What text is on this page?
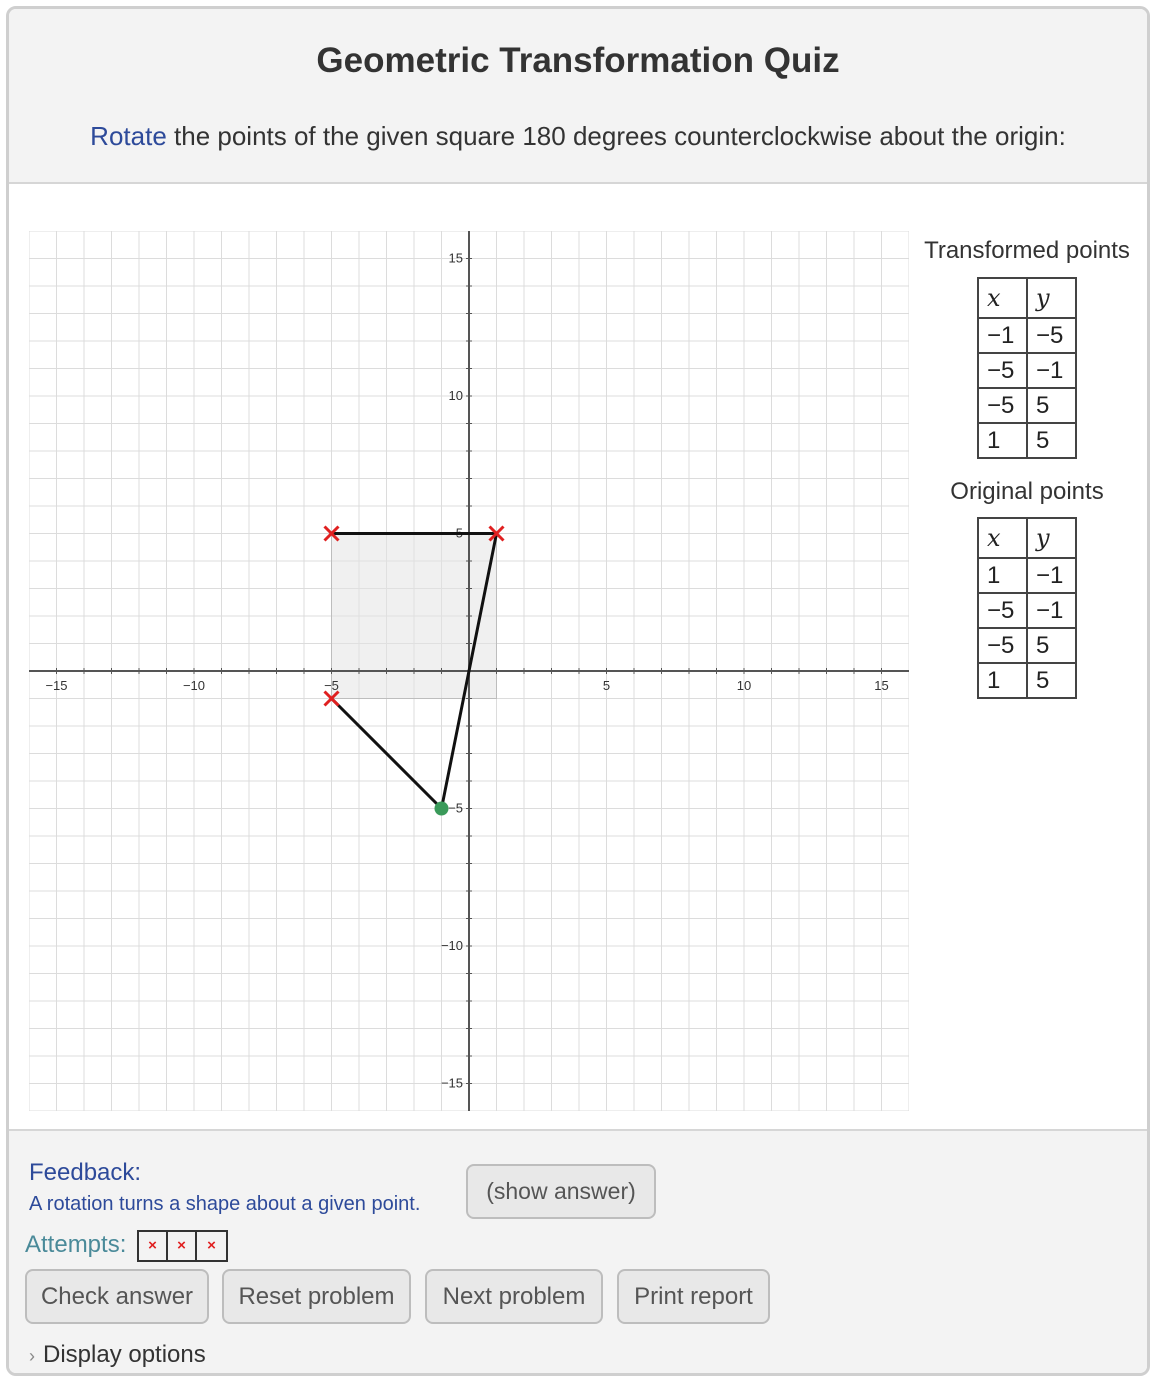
Geometric Transformation Quiz
Rotate the points of the given square 180 degrees counterclockwise about the origin:
−15
−15
−10
−10
−5
−5
5
5
10
10
15
15	Transformed points
x	y
−1	−5
−5	−1
−5	5
1	5
Original points
x	y
1	−1
−5	−1
−5	5
1	5
Feedback:
A rotation turns a shape about a given point.	(show answer)
Attempts:	×	×	×
Check answer	Reset problem	Next problem	Print report
› Display options
